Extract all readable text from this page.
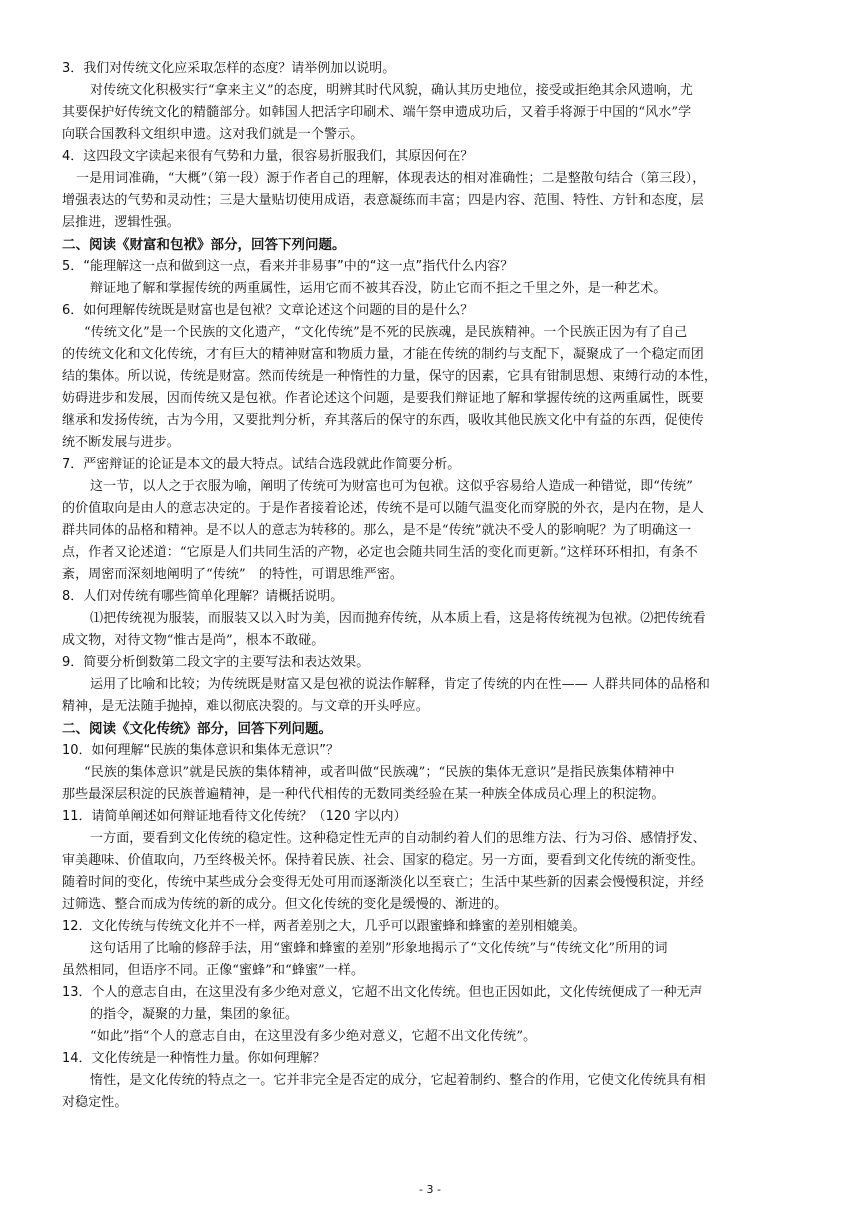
3．我们对传统文化应采取怎样的态度？请举例加以说明。
对传统文化积极实行“拿来主义”的态度，明辨其时代风貌，确认其历史地位，接受或拒绝其余风遗响，尤
其要保护好传统文化的精髓部分。如韩国人把活字印刷术、端午祭申遗成功后，又着手将源于中国的“风水”学
向联合国教科文组织申遗。这对我们就是一个警示。
4．这四段文字读起来很有气势和力量，很容易折服我们，其原因何在？
一是用词准确，“大概”（第一段）源于作者自己的理解，体现表达的相对准确性；二是整散句结合（第三段），
增强表达的气势和灵动性；三是大量贴切使用成语，表意凝练而丰富；四是内容、范围、特性、方针和态度，层
层推进，逻辑性强。
二、阅读《财富和包袱》部分，回答下列问题。
5．“能理解这一点和做到这一点，看来并非易事”中的“这一点”指代什么内容？
辩证地了解和掌握传统的两重属性，运用它而不被其吞没，防止它而不拒之千里之外，是一种艺术。
6．如何理解传统既是财富也是包袱？文章论述这个问题的目的是什么？
“传统文化”是一个民族的文化遗产，“文化传统”是不死的民族魂，是民族精神。一个民族正因为有了自己
的传统文化和文化传统，才有巨大的精神财富和物质力量，才能在传统的制约与支配下，凝聚成了一个稳定而团
结的集体。所以说，传统是财富。然而传统是一种惰性的力量，保守的因素，它具有钳制思想、束缚行动的本性，
妨碍进步和发展，因而传统又是包袱。作者论述这个问题，是要我们辩证地了解和掌握传统的这两重属性，既要
继承和发扬传统，古为今用，又要批判分析，弃其落后的保守的东西，吸收其他民族文化中有益的东西，促使传
统不断发展与进步。
7．严密辩证的论证是本文的最大特点。试结合选段就此作简要分析。
这一节，以人之于衣服为喻，阐明了传统可为财富也可为包袱。这似乎容易给人造成一种错觉，即“传统”
的价值取向是由人的意志决定的。于是作者接着论述，传统不是可以随气温变化而穿脱的外衣，是内在物，是人
群共同体的品格和精神。是不以人的意志为转移的。那么，是不是“传统”就决不受人的影响呢？为了明确这一
点，作者又论述道：“它原是人们共同生活的产物，必定也会随共同生活的变化而更新。”这样环环相扣，有条不
紊，周密而深刻地阐明了“传统”　的特性，可谓思维严密。
8．人们对传统有哪些简单化理解？请概括说明。
⑴把传统视为服装，而服装又以入时为美，因而抛弃传统，从本质上看，这是将传统视为包袱。⑵把传统看
成文物，对待文物“惟古是尚”，根本不敢碰。
9．简要分析倒数第二段文字的主要写法和表达效果。
运用了比喻和比较；为传统既是财富又是包袱的说法作解释，肯定了传统的内在性—— 人群共同体的品格和
精神，是无法随手抛掉，难以彻底决裂的。与文章的开头呼应。
二、阅读《文化传统》部分，回答下列问题。
10．如何理解“民族的集体意识和集体无意识”？
“民族的集体意识”就是民族的集体精神，或者叫做“民族魂”；“民族的集体无意识”是指民族集体精神中
那些最深层积淀的民族普遍精神，是一种代代相传的无数同类经验在某一种族全体成员心理上的积淀物。
11．请简单阐述如何辩证地看待文化传统？（120 字以内）
一方面，要看到文化传统的稳定性。这种稳定性无声的自动制约着人们的思维方法、行为习俗、感情抒发、
审美趣味、价值取向，乃至终极关怀。保持着民族、社会、国家的稳定。另一方面，要看到文化传统的渐变性。
随着时间的变化，传统中某些成分会变得无处可用而逐渐淡化以至衰亡；生活中某些新的因素会慢慢积淀，并经
过筛选、整合而成为传统的新的成分。但文化传统的变化是缓慢的、渐进的。
12．文化传统与传统文化并不一样，两者差别之大，几乎可以跟蜜蜂和蜂蜜的差别相媲美。
这句话用了比喻的修辞手法，用“蜜蜂和蜂蜜的差别”形象地揭示了“文化传统”与“传统文化”所用的词
虽然相同，但语序不同。正像“蜜蜂”和“蜂蜜”一样。
13．个人的意志自由，在这里没有多少绝对意义，它超不出文化传统。但也正因如此，文化传统便成了一种无声
的指令，凝聚的力量，集团的象征。
“如此”指“个人的意志自由，在这里没有多少绝对意义，它超不出文化传统”。
14．文化传统是一种惰性力量。你如何理解？
惰性，是文化传统的特点之一。它并非完全是否定的成分，它起着制约、整合的作用，它使文化传统具有相
对稳定性。
- 3 -
